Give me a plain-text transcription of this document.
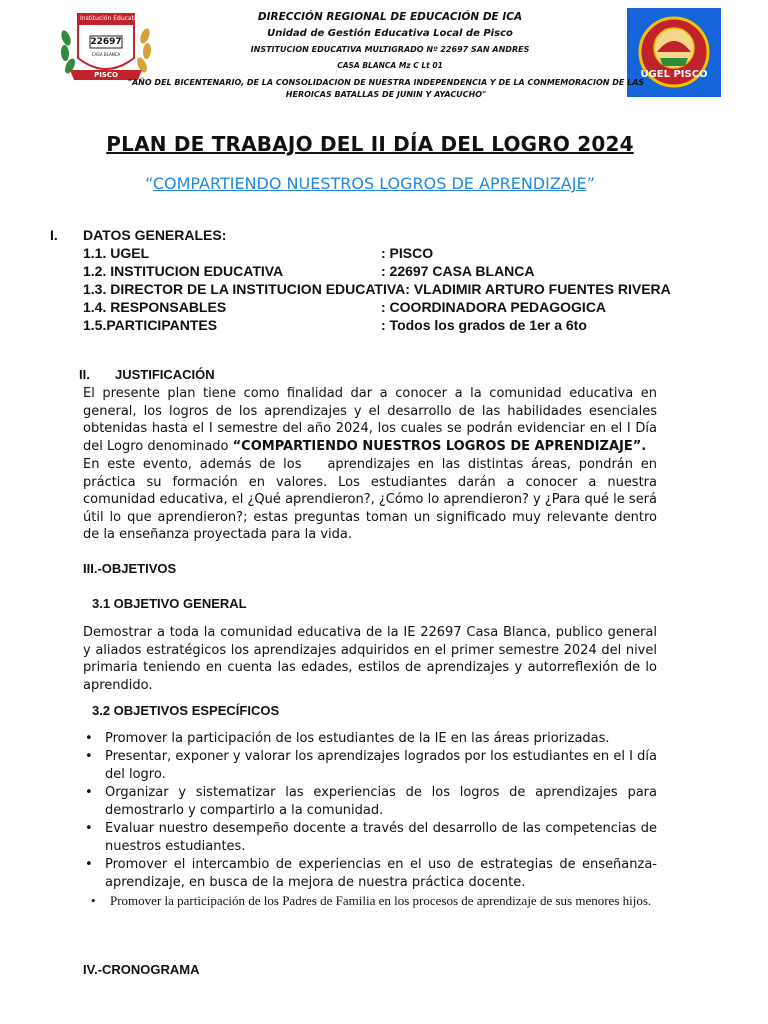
Institución Educativa
22697
CASA BLANCA
PISCO	UGEL PISCO
DIRECCIÓN REGIONAL DE EDUCACIÓN DE ICA
Unidad de Gestión Educativa Local de Pisco
INSTITUCION EDUCATIVA MULTIGRADO Nº 22697 SAN ANDRES
CASA BLANCA Mz C Lt 01
"AÑO DEL BICENTENARIO, DE LA CONSOLIDACION DE NUESTRA INDEPENDENCIA Y DE LA CONMEMORACION DE LAS HEROICAS BATALLAS DE JUNIN Y AYACUCHO"
PLAN DE TRABAJO DEL II DÍA DEL LOGRO 2024
“COMPARTIENDO NUESTROS LOGROS DE APRENDIZAJE”
I. DATOS GENERALES:
1.1. UGEL	: PISCO
1.2. INSTITUCION EDUCATIVA	: 22697 CASA BLANCA
1.3. DIRECTOR DE LA INSTITUCION EDUCATIVA: VLADIMIR ARTURO FUENTES RIVERA
1.4. RESPONSABLES	: COORDINADORA PEDAGOGICA
1.5.PARTICIPANTES	: Todos los grados de 1er a 6to
II. JUSTIFICACIÓN
El presente plan tiene como finalidad dar a conocer a la comunidad educativa en general, los logros de los aprendizajes y el desarrollo de las habilidades esenciales obtenidas hasta el I semestre del año 2024, los cuales se podrán evidenciar en el I Día del Logro denominado “COMPARTIENDO NUESTROS LOGROS DE APRENDIZAJE”.
En este evento, además de los aprendizajes en las distintas áreas, pondrán en práctica su formación en valores. Los estudiantes darán a conocer a nuestra comunidad educativa, el ¿Qué aprendieron?, ¿Cómo lo aprendieron? y ¿Para qué le será útil lo que aprendieron?; estas preguntas toman un significado muy relevante dentro de la enseñanza proyectada para la vida.
III.-OBJETIVOS
3.1 OBJETIVO GENERAL
Demostrar a toda la comunidad educativa de la IE 22697 Casa Blanca, publico general y aliados estratégicos los aprendizajes adquiridos en el primer semestre 2024 del nivel primaria teniendo en cuenta las edades, estilos de aprendizajes y autorreflexión de lo aprendido.
3.2 OBJETIVOS ESPECÍFICOS
• Promover la participación de los estudiantes de la IE en las áreas priorizadas.
• Presentar, exponer y valorar los aprendizajes logrados por los estudiantes en el I día del logro.
• Organizar y sistematizar las experiencias de los logros de aprendizajes para demostrarlo y compartirlo a la comunidad.
• Evaluar nuestro desempeño docente a través del desarrollo de las competencias de nuestros estudiantes.
• Promover el intercambio de experiencias en el uso de estrategias de enseñanza-aprendizaje, en busca de la mejora de nuestra práctica docente.
• Promover la participación de los Padres de Familia en los procesos de aprendizaje de sus menores hijos.
IV.-CRONOGRAMA
